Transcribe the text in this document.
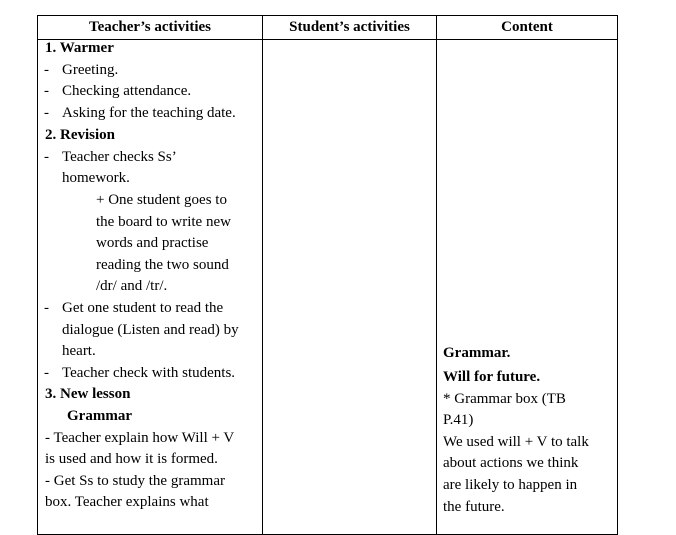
Teacher’s activities	Student’s activities	Content
1. Warmer
- Greeting.
- Checking attendance.
- Asking for the teaching date.
2. Revision
- Teacher checks Ss’
homework.
+ One student goes to
the board to write new
words and practise
reading the two sound
/dr/ and /tr/.
- Get one student to read the
dialogue (Listen and read) by
heart.
- Teacher check with students.
3. New lesson
Grammar
- Teacher explain how Will + V
is used and how it is formed.
- Get Ss to study the grammar
box. Teacher explains what
Grammar.
Will for future.
* Grammar box (TB
P.41)
We used will + V to talk
about actions we think
are likely to happen in
the future.
